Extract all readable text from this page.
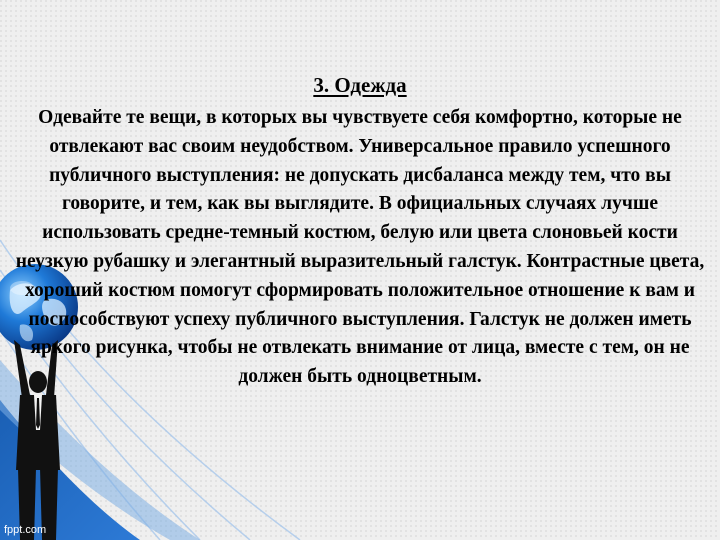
3. Одежда

Одевайте те вещи, в которых вы чувствуете себя комфортно, которые не отвлекают вас своим неудобством. Универсальное правило успешного публичного выступления: не допускать дисбаланса между тем, что вы говорите, и тем, как вы выглядите. В официальных случаях лучше использовать средне-темный костюм, белую или цвета слоновьей кости неузкую рубашку и элегантный выразительный галстук. Контрастные цвета, хороший костюм помогут сформировать положительное отношение к вам и поспособствуют успеху публичного выступления. Галстук не должен иметь яркого рисунка, чтобы не отвлекать внимание от лица, вместе с тем, он не должен быть одноцветным.

fppt.com
